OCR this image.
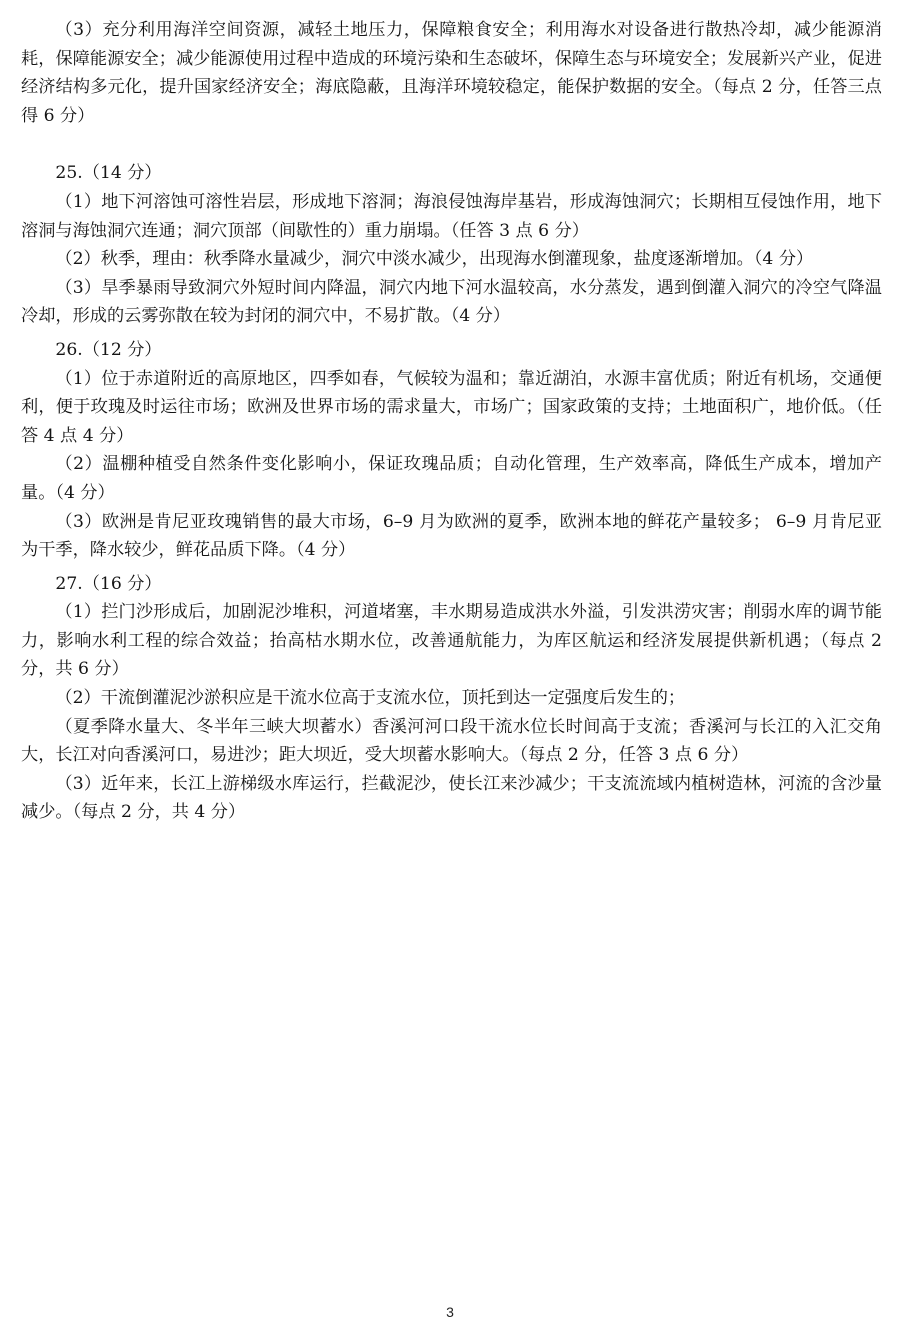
（3）充分利用海洋空间资源，减轻土地压力，保障粮食安全；利用海水对设备进行散热冷却，减少能源消耗，保障能源安全；减少能源使用过程中造成的环境污染和生态破坏，保障生态与环境安全；发展新兴产业，促进经济结构多元化，提升国家经济安全；海底隐蔽，且海洋环境较稳定，能保护数据的安全。（每点 2 分，任答三点得 6 分）

25.（14 分）

（1）地下河溶蚀可溶性岩层，形成地下溶洞；海浪侵蚀海岸基岩，形成海蚀洞穴；长期相互侵蚀作用，地下溶洞与海蚀洞穴连通；洞穴顶部（间歇性的）重力崩塌。（任答 3 点 6 分）

（2）秋季，理由：秋季降水量减少，洞穴中淡水减少，出现海水倒灌现象，盐度逐渐增加。（4 分）

（3）旱季暴雨导致洞穴外短时间内降温，洞穴内地下河水温较高，水分蒸发，遇到倒灌入洞穴的冷空气降温冷却，形成的云雾弥散在较为封闭的洞穴中，不易扩散。（4 分）

26.（12 分）

（1）位于赤道附近的高原地区，四季如春，气候较为温和；靠近湖泊，水源丰富优质；附近有机场，交通便利，便于玫瑰及时运往市场；欧洲及世界市场的需求量大，市场广；国家政策的支持；土地面积广，地价低。（任答 4 点 4 分）

（2）温棚种植受自然条件变化影响小，保证玫瑰品质；自动化管理，生产效率高，降低生产成本，增加产量。（4 分）

（3）欧洲是肯尼亚玫瑰销售的最大市场，6–9 月为欧洲的夏季，欧洲本地的鲜花产量较多； 6–9 月肯尼亚为干季，降水较少，鲜花品质下降。（4 分）

27.（16 分）

（1）拦门沙形成后，加剧泥沙堆积，河道堵塞，丰水期易造成洪水外溢，引发洪涝灾害；削弱水库的调节能力，影响水利工程的综合效益；抬高枯水期水位，改善通航能力，为库区航运和经济发展提供新机遇；（每点 2 分，共 6 分）

（2）干流倒灌泥沙淤积应是干流水位高于支流水位，顶托到达一定强度后发生的；

（夏季降水量大、冬半年三峡大坝蓄水）香溪河河口段干流水位长时间高于支流；香溪河与长江的入汇交角大，长江对向香溪河口，易进沙；距大坝近，受大坝蓄水影响大。（每点 2 分，任答 3 点 6 分）

（3）近年来，长江上游梯级水库运行，拦截泥沙，使长江来沙减少；干支流流域内植树造林，河流的含沙量减少。（每点 2 分，共 4 分）

3
